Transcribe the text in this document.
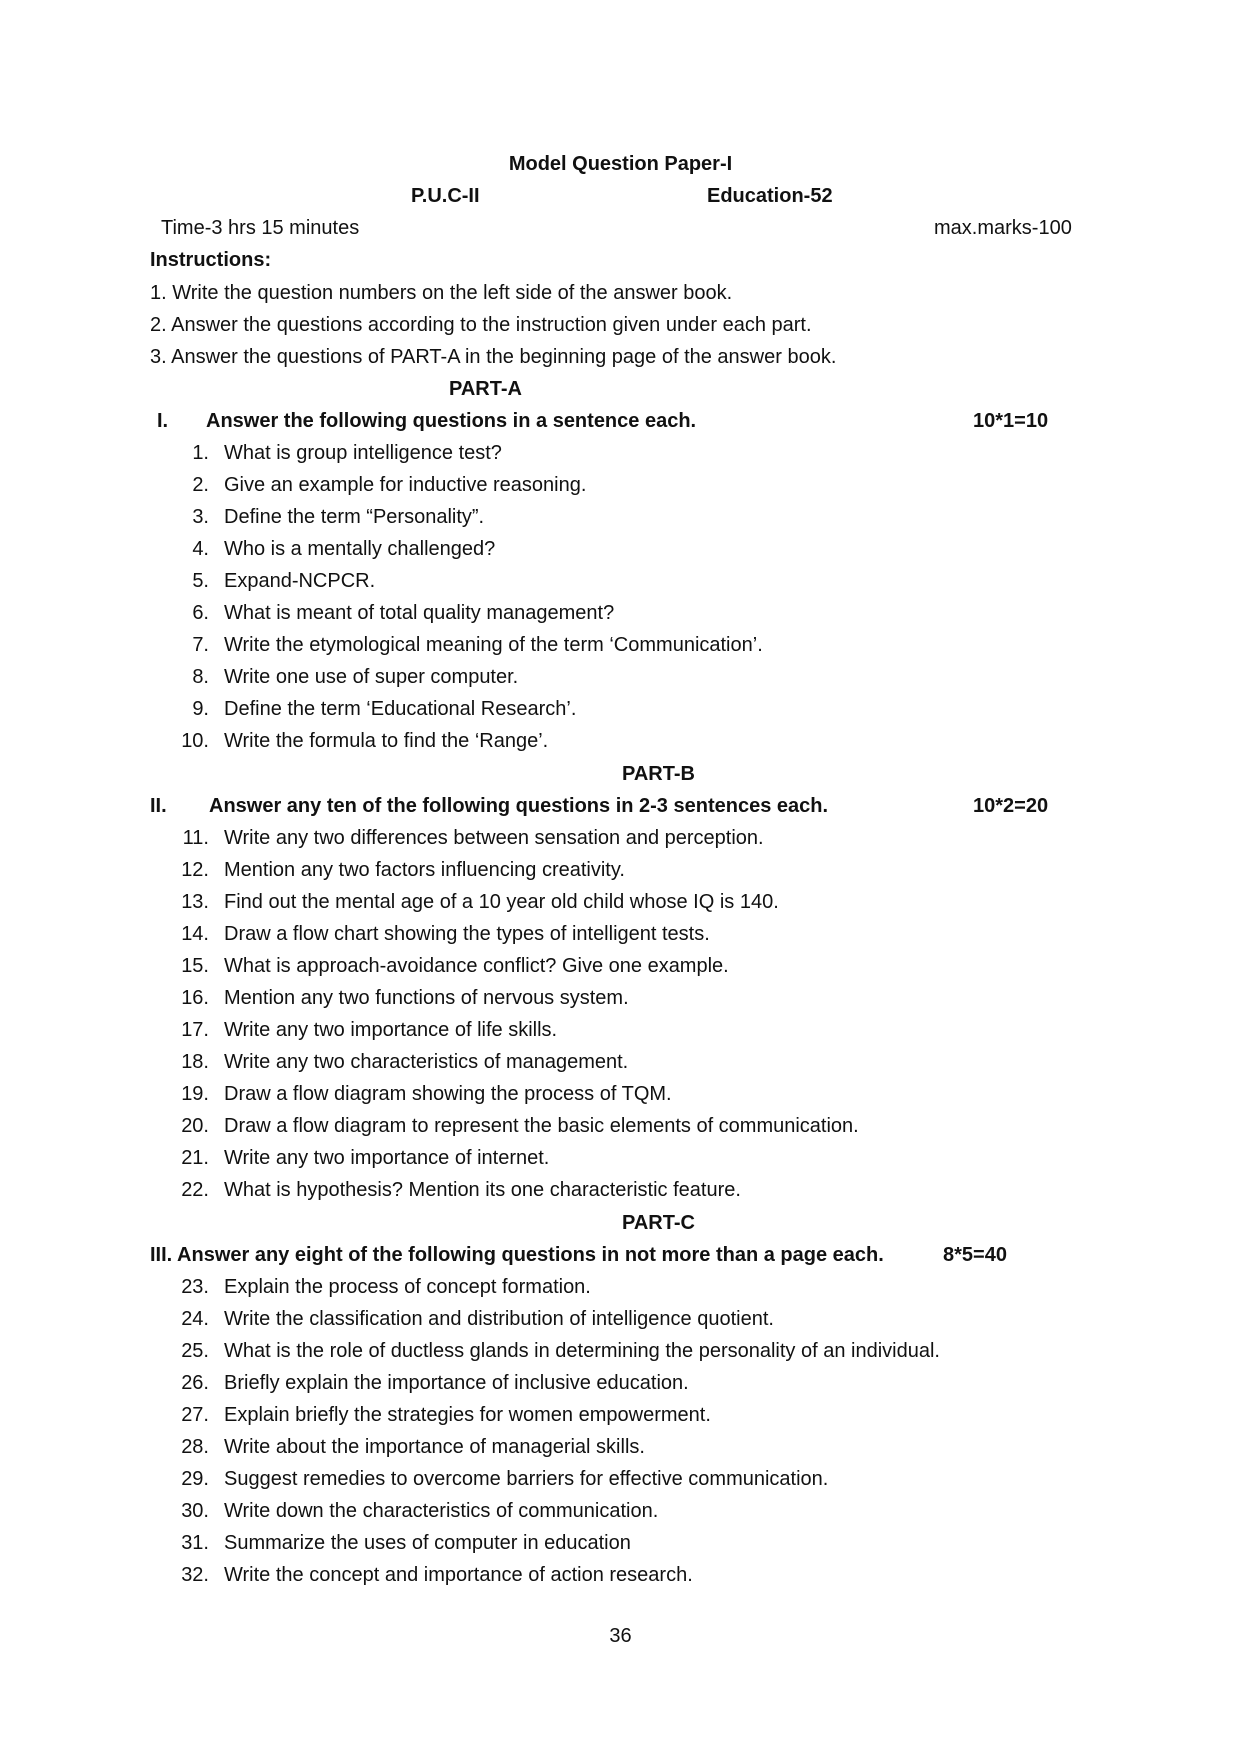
Model Question Paper-I
P.U.C-II	Education-52
Time-3 hrs 15 minutes	max.marks-100
Instructions:
1. Write the question numbers on the left side of the answer book.
2. Answer the questions according to the instruction given under each part.
3. Answer the questions of PART-A in the beginning page of the answer book.
PART-A
I. Answer the following questions in a sentence each.	10*1=10
1. What is group intelligence test?
2. Give an example for inductive reasoning.
3. Define the term “Personality”.
4. Who is a mentally challenged?
5. Expand-NCPCR.
6. What is meant of total quality management?
7. Write the etymological meaning of the term ‘Communication’.
8. Write one use of super computer.
9. Define the term ‘Educational Research’.
10. Write the formula to find the ‘Range’.
PART-B
II. Answer any ten of the following questions in 2-3 sentences each.	10*2=20
11. Write any two differences between sensation and perception.
12. Mention any two factors influencing creativity.
13. Find out the mental age of a 10 year old child whose IQ is 140.
14. Draw a flow chart showing the types of intelligent tests.
15. What is approach-avoidance conflict? Give one example.
16. Mention any two functions of nervous system.
17. Write any two importance of life skills.
18. Write any two characteristics of management.
19. Draw a flow diagram showing the process of TQM.
20. Draw a flow diagram to represent the basic elements of communication.
21. Write any two importance of internet.
22. What is hypothesis? Mention its one characteristic feature.
PART-C
III. Answer any eight of the following questions in not more than a page each.	8*5=40
23. Explain the process of concept formation.
24. Write the classification and distribution of intelligence quotient.
25. What is the role of ductless glands in determining the personality of an individual.
26. Briefly explain the importance of inclusive education.
27. Explain briefly the strategies for women empowerment.
28. Write about the importance of managerial skills.
29. Suggest remedies to overcome barriers for effective communication.
30. Write down the characteristics of communication.
31. Summarize the uses of computer in education
32. Write the concept and importance of action research.
36
